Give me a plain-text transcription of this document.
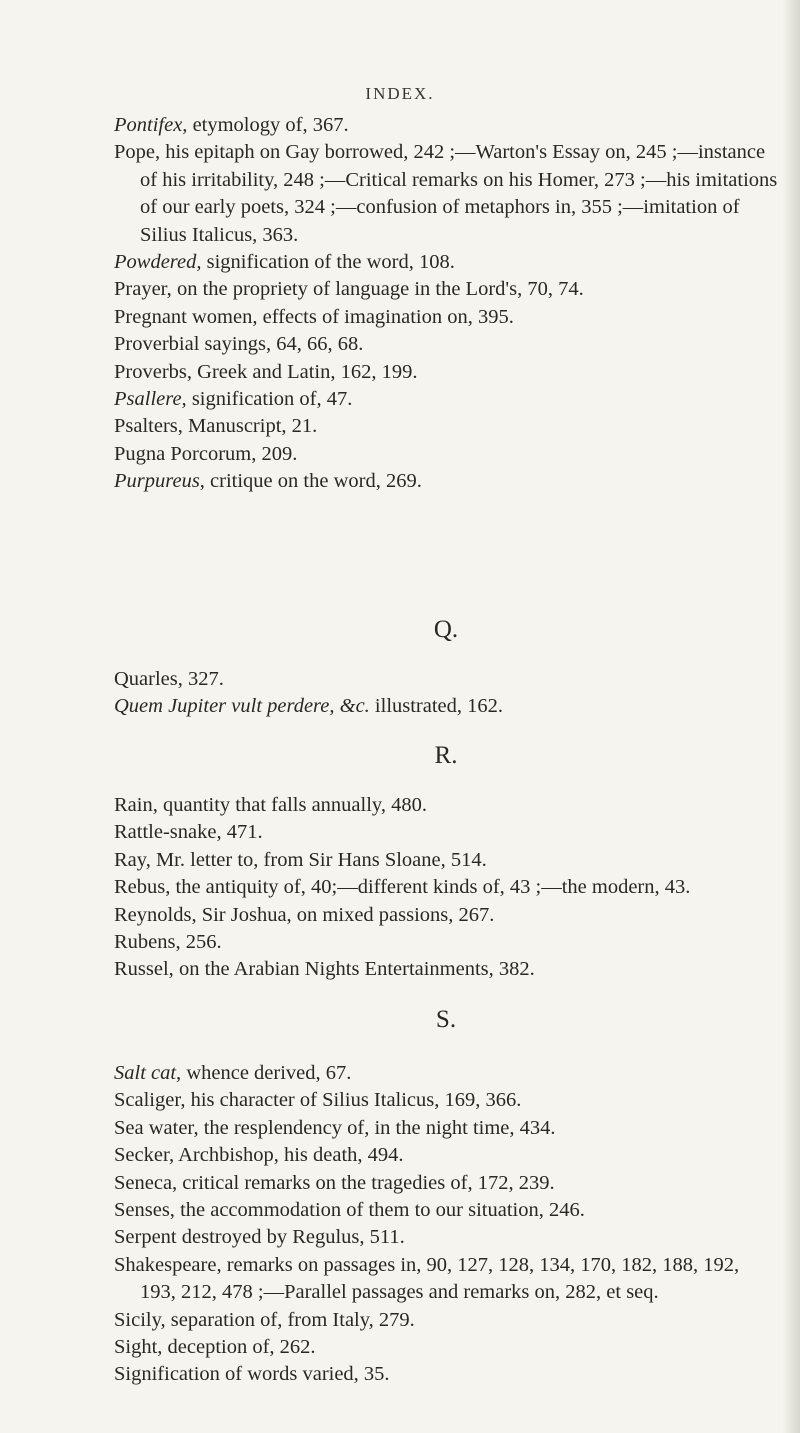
INDEX.

Pontifex, etymology of, 367.

Pope, his epitaph on Gay borrowed, 242 ;—Warton's Essay on, 245 ;—instance of his irritability, 248 ;—Critical remarks on his Homer, 273 ;—his imitations of our early poets, 324 ;—confusion of metaphors in, 355 ;—imitation of Silius Italicus, 363.

Powdered, signification of the word, 108.

Prayer, on the propriety of language in the Lord's, 70, 74.

Pregnant women, effects of imagination on, 395.

Proverbial sayings, 64, 66, 68.

Proverbs, Greek and Latin, 162, 199.

Psallere, signification of, 47.

Psalters, Manuscript, 21.

Pugna Porcorum, 209.

Purpureus, critique on the word, 269.

Q.

Quarles, 327.

Quem Jupiter vult perdere, &c. illustrated, 162.

R.

Rain, quantity that falls annually, 480.

Rattle-snake, 471.

Ray, Mr. letter to, from Sir Hans Sloane, 514.

Rebus, the antiquity of, 40;—different kinds of, 43 ;—the modern, 43.

Reynolds, Sir Joshua, on mixed passions, 267.

Rubens, 256.

Russel, on the Arabian Nights Entertainments, 382.

S.

Salt cat, whence derived, 67.

Scaliger, his character of Silius Italicus, 169, 366.

Sea water, the resplendency of, in the night time, 434.

Secker, Archbishop, his death, 494.

Seneca, critical remarks on the tragedies of, 172, 239.

Senses, the accommodation of them to our situation, 246.

Serpent destroyed by Regulus, 511.

Shakespeare, remarks on passages in, 90, 127, 128, 134, 170, 182, 188, 192, 193, 212, 478 ;—Parallel passages and remarks on, 282, et seq.

Sicily, separation of, from Italy, 279.

Sight, deception of, 262.

Signification of words varied, 35.
